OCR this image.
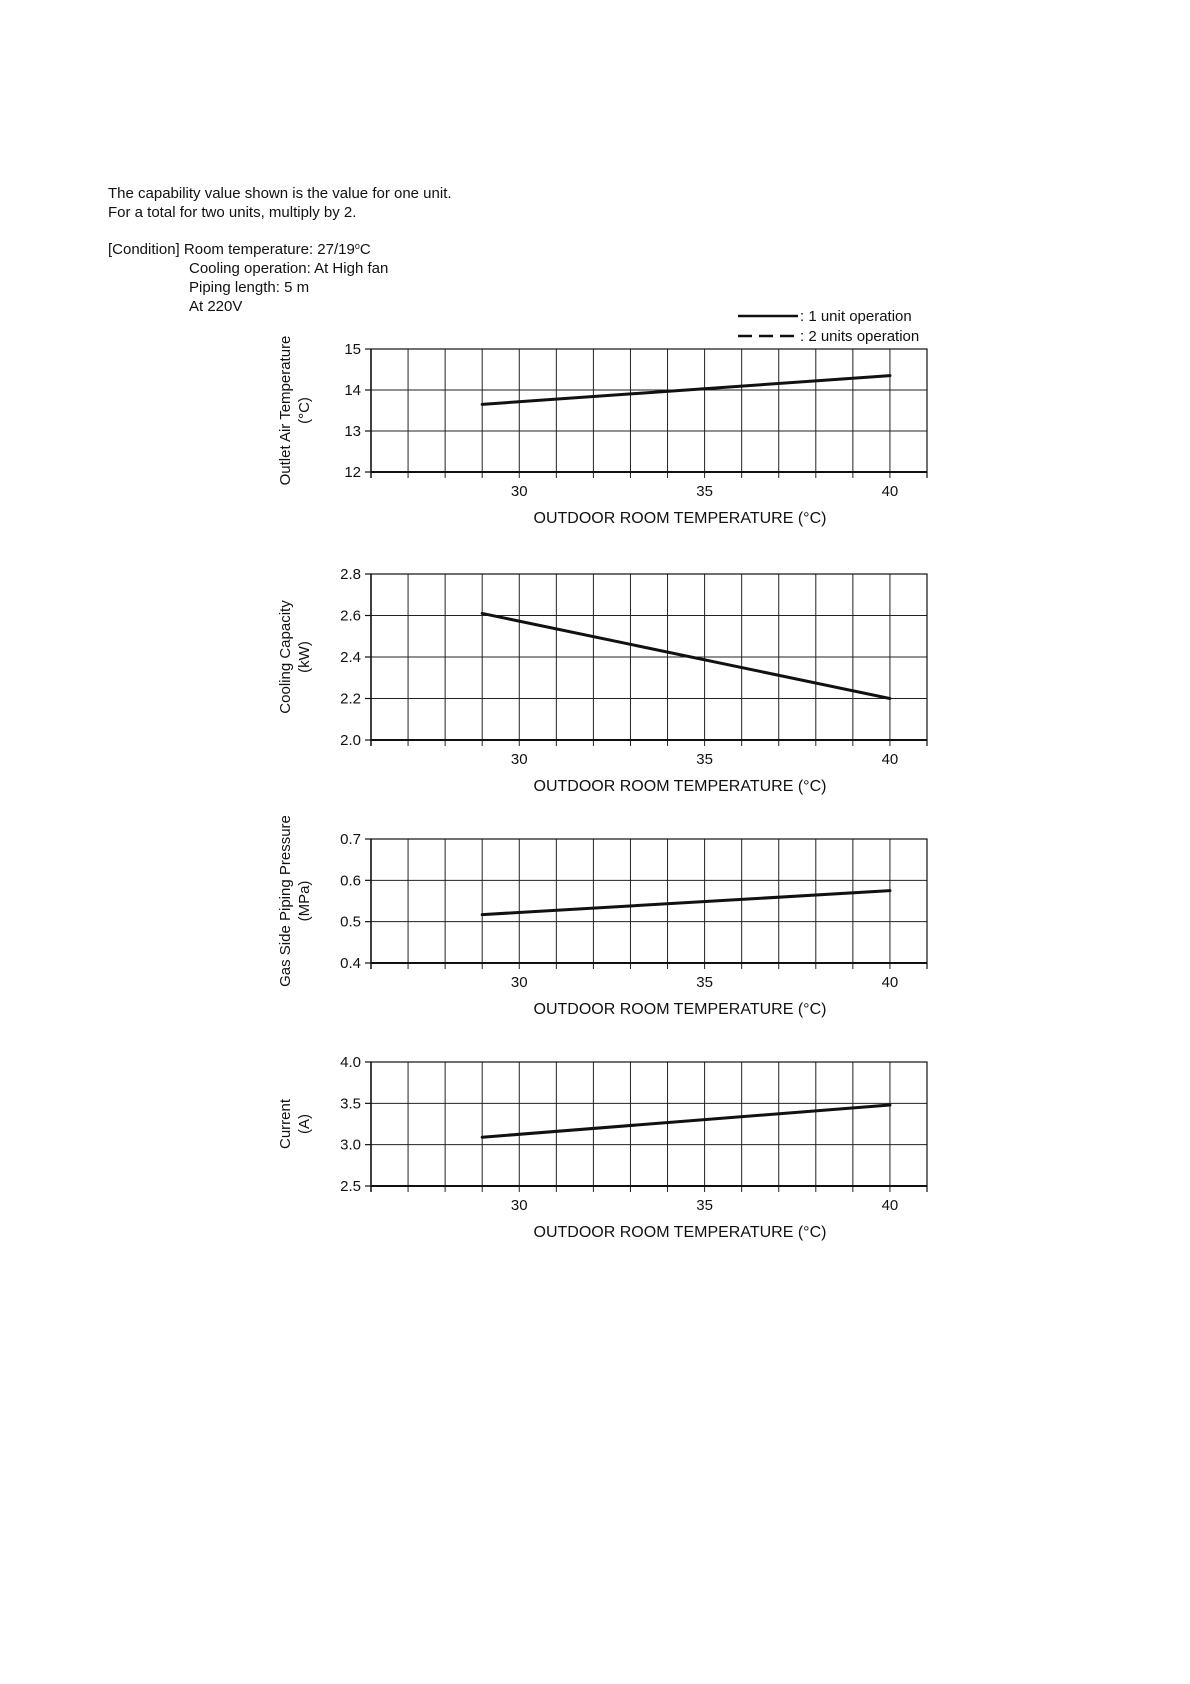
The capability value shown is the value for one unit.
For a total for two units, multiply by 2.
[Condition] Room temperature: 27/19$^o$C
Cooling operation: At High fan
Piping length: 5 m
At 220V
: 1 unit operation
: 2 units operation
12
13
14
15
30	35	40
OUTDOOR ROOM TEMPERATURE (°C)
Outlet Air Temperature (°C)
2.0
2.2
2.4
2.6
2.8
30	35	40
OUTDOOR ROOM TEMPERATURE (°C)
Cooling Capacity (kW)
0.4
0.5
0.6
0.7
30	35	40
OUTDOOR ROOM TEMPERATURE (°C)
Gas Side Piping Pressure (MPa)
2.5
3.0
3.5
4.0
30	35	40
OUTDOOR ROOM TEMPERATURE (°C)
Current (A)
